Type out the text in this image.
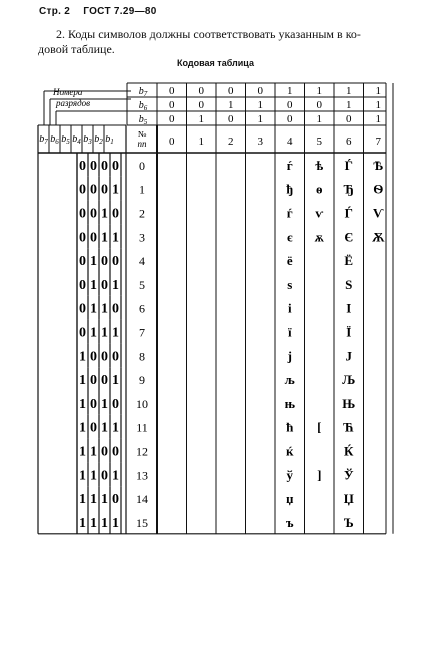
Стр. 2 ГОСТ 7.29—80
2. Коды символов должны соответствовать указанным в ко-
довой таблице.
Кодовая таблица
$b_7$ 0 0 0 0 1 1 1 1
$b_6$ 0 0 1 1 0 0 1 1
$b_5$ 0 1 0 1 0 1 0 1
Номера
разрядов
$b_7$ $b_6$ $b_5$ $b_4$ $b_3$ $b_2$ $b_1$
№
пп 0 1 2 3 4 5 6 7
0 0 0 0 0	ѓ ѣ Ѓ Ѣ
0 0 0 1 1	ђ ѳ Ђ Ѳ
0 0 1 0 2	ѓ ѵ Ѓ Ѵ
0 0 1 1 3	є ѫ Є Ѫ
0 1 0 0 4	ё	Ё
0 1 0 1 5	ѕ	Ѕ
0 1 1 0 6	і	І
0 1 1 1 7	ї	Ї
1 0 0 0 8	ј	Ј
1 0 0 1 9	љ	Љ
1 0 1 0 10	њ	Њ
1 0 1 1 11	ћ [ Ћ
1 1 0 0 12	ќ	Ќ
1 1 0 1 13	ў ] Ў
1 1 1 0 14	џ	Џ
1 1 1 1 15	ъ	Ъ
